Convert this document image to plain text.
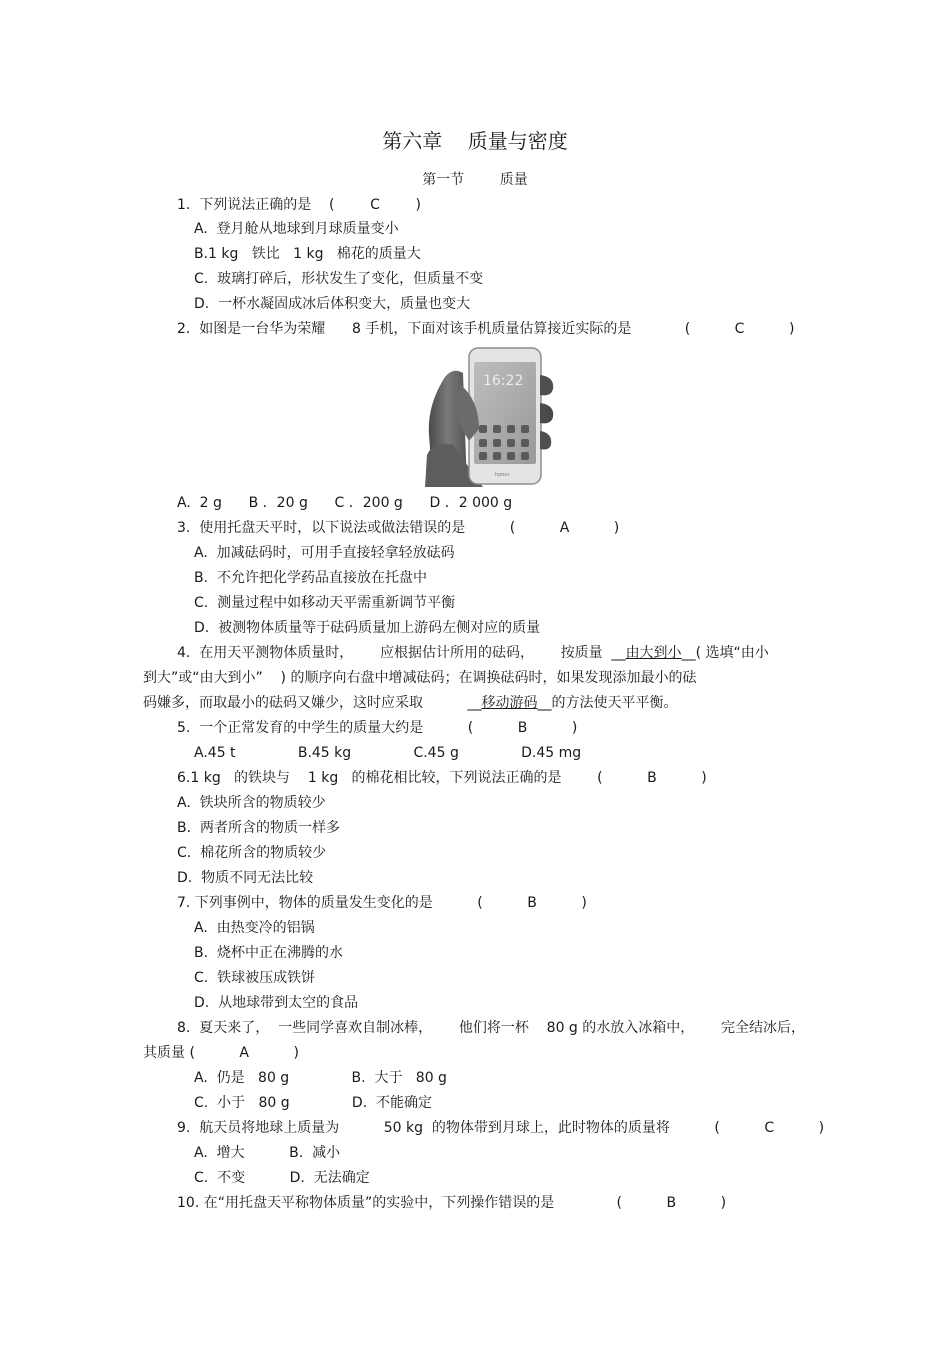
第六章    质量与密度
第一节        质量
1.  下列说法正确的是    (        C        )
A.  登月舱从地球到月球质量变小
B.1 kg   铁比   1 kg   棉花的质量大
C.  玻璃打碎后，形状发生了变化，但质量不变
D.  一杯水凝固成冰后体积变大，质量也变大
2.  如图是一台华为荣耀      8 手机，下面对该手机质量估算接近实际的是            (          C          )
16:22
honor
A.  2 g      B ．20 g      C ．200 g      D ．2 000 g
3.  使用托盘天平时，以下说法或做法错误的是          (          A          )
A.  加减砝码时，可用手直接轻拿轻放砝码
B.  不允许把化学药品直接放在托盘中
C.  测量过程中如移动天平需重新调节平衡
D.  被测物体质量等于砝码质量加上游码左侧对应的质量
4.  在用天平测物体质量时，      应根据估计所用的砝码，      按质量  __由大到小__( 选填“由小
到大”或“由大到小”    ) 的顺序向右盘中增减砝码；在调换砝码时，如果发现添加最小的砝
码嫌多，而取最小的砝码又嫌少，这时应采取          __移动游码__的方法使天平平衡。
5.  一个正常发育的中学生的质量大约是          (          B          )
A.45 t              B.45 kg              C.45 g              D.45 mg
6.1 kg   的铁块与    1 kg   的棉花相比较，下列说法正确的是        (          B          )
A.  铁块所含的物质较少
B.  两者所含的物质一样多
C.  棉花所含的物质较少
D.  物质不同无法比较
7. 下列事例中，物体的质量发生变化的是          (          B          )
A.  由热变冷的铝锅
B.  烧杯中正在沸腾的水
C.  铁球被压成铁饼
D.  从地球带到太空的食品
8.  夏天来了，  一些同学喜欢自制冰棒，      他们将一杯    80 g 的水放入冰箱中，      完全结冰后，
其质量 (          A          )
A.  仍是   80 g              B.  大于   80 g
C.  小于   80 g              D.  不能确定
9.  航天员将地球上质量为          50 kg  的物体带到月球上，此时物体的质量将          (          C          )
A.  增大          B.  减小
C.  不变          D.  无法确定
10. 在“用托盘天平称物体质量”的实验中，下列操作错误的是              (          B          )
